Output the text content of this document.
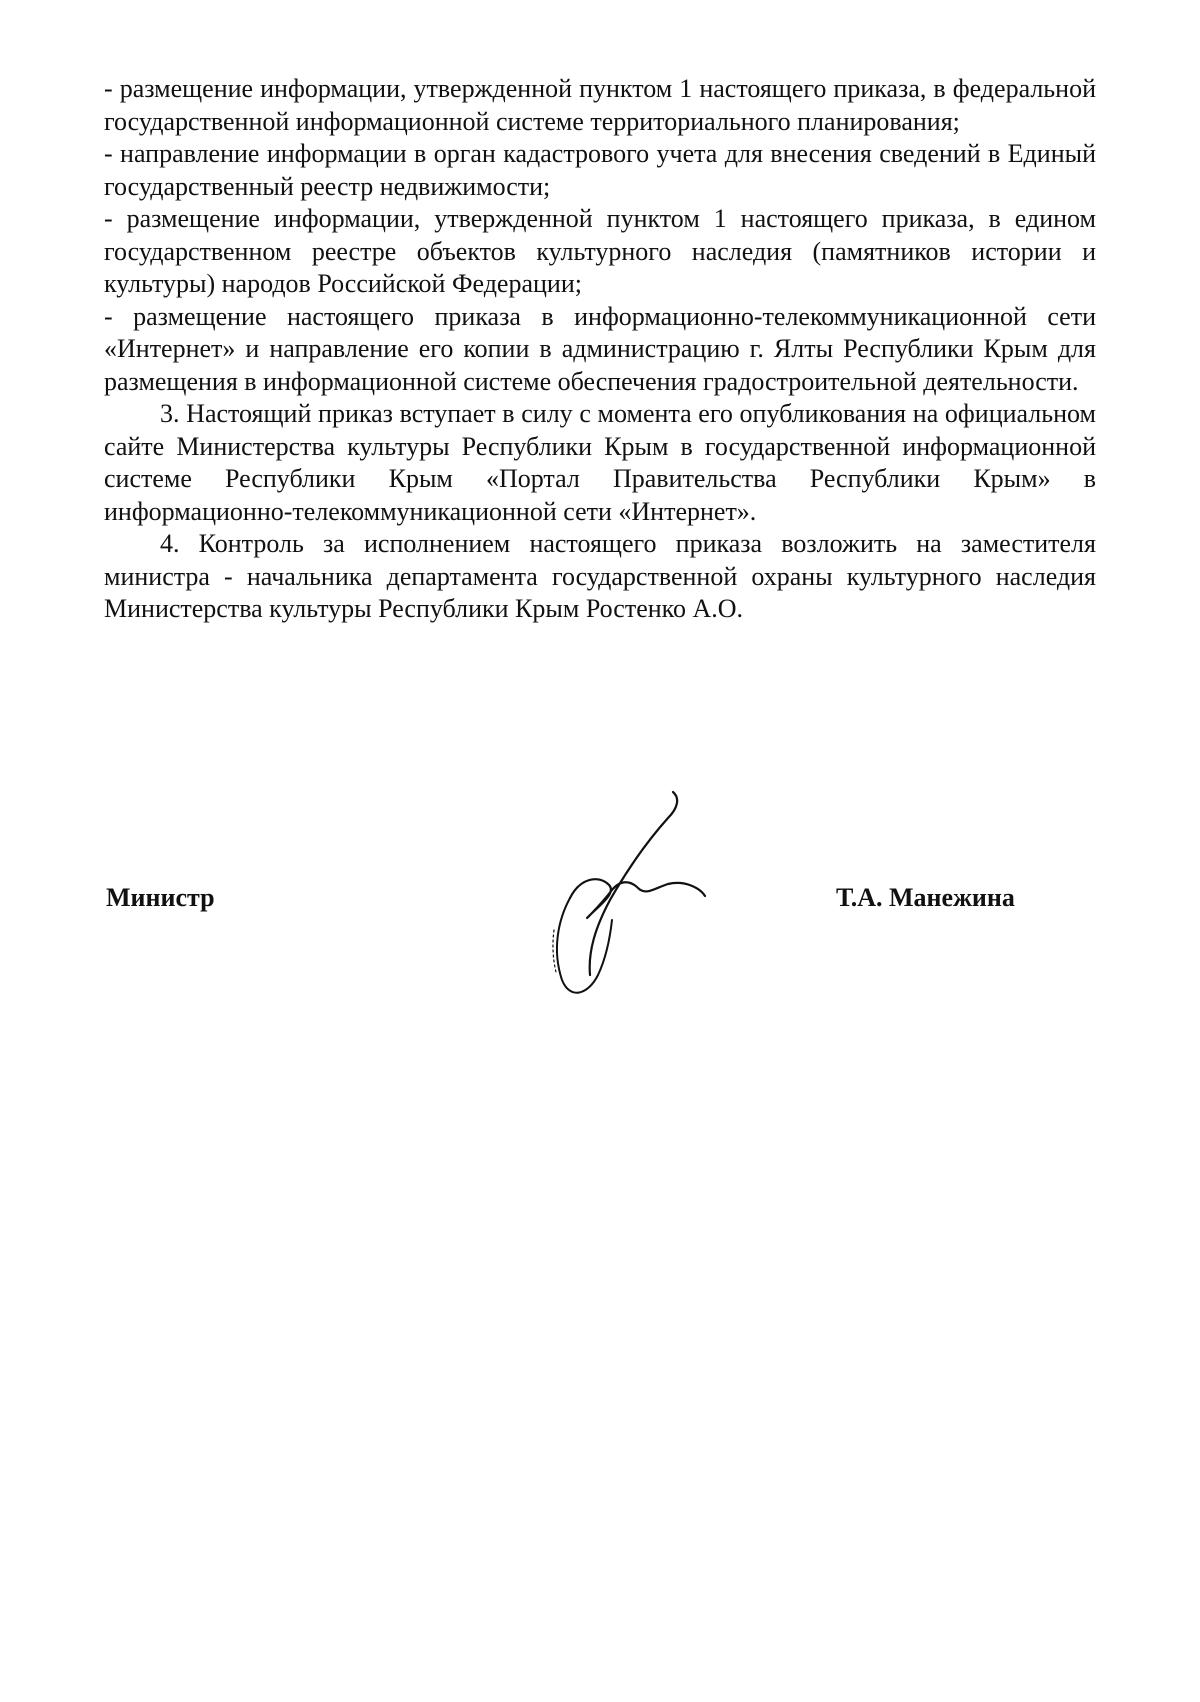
- размещение информации, утвержденной пунктом 1 настоящего приказа, в федеральной государственной информационной системе территориального планирования;

- направление информации в орган кадастрового учета для внесения сведений в Единый государственный реестр недвижимости;

- размещение информации, утвержденной пунктом 1 настоящего приказа, в едином государственном реестре объектов культурного наследия (памятников истории и культуры) народов Российской Федерации;

- размещение настоящего приказа в информационно-телекоммуникационной сети «Интернет» и направление его копии в администрацию г. Ялты Республики Крым для размещения в информационной системе обеспечения градостроительной деятельности.

3. Настоящий приказ вступает в силу с момента его опубликования на официальном сайте Министерства культуры Республики Крым в государственной информационной системе Республики Крым «Портал Правительства Республики Крым» в информационно-телекоммуникационной сети «Интернет».

4. Контроль за исполнением настоящего приказа возложить на заместителя министра - начальника департамента государственной охраны культурного наследия Министерства культуры Республики Крым Ростенко А.О.

Министр	Т.А. Манежина
